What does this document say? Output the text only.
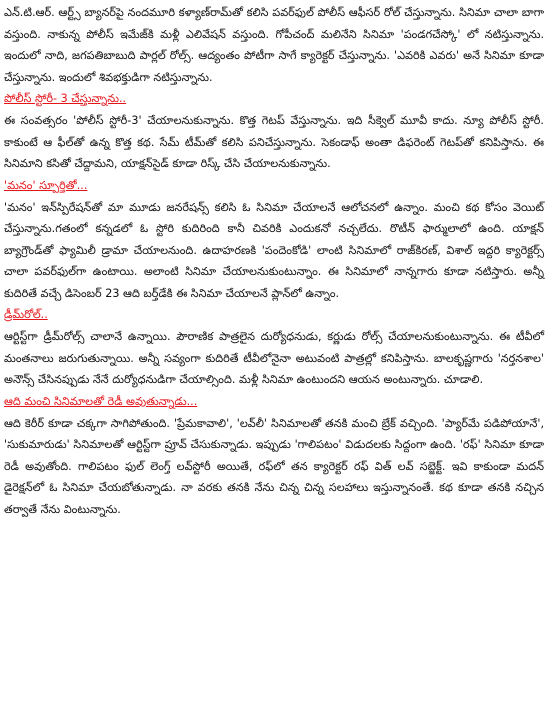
ఎన్.టి.ఆర్. ఆర్ట్స్ బ్యానర్‌పై నందమూరి కళ్యాణ్‌రామ్‌తో కలిసి పవర్‌ఫుల్ పోలీస్ ఆఫీసర్ రోల్ చేస్తున్నాను. సినిమా చాలా బాగా వస్తుంది. నాకున్న పోలీస్ ఇమేజ్‌కి మళ్లీ ఎలివేషన్ వస్తుంది. గోపీచంద్ మలినేని సినిమా 'పండగచేస్కో' లో నటిస్తున్నాను. ఇందులో నాది, జగపతిబాబుది పార్లల్ రోల్స్. ఆద్యంతం పోటీగా సాగే క్యారెక్టర్ చేస్తున్నాను. 'ఎవరికి ఎవరు' అనే సినిమా కూడా చేస్తున్నాను. ఇందులో శివభక్తుడిగా నటిస్తున్నాను.

పోలీస్ స్టోరీ- 3 చేస్తున్నాను..

ఈ సంవత్సరం 'పోలీస్ స్టోరీ-3' చేయాలనుకున్నాను. కొత్త గెటప్ వేస్తున్నాను. ఇది సీక్వెల్ మూవీ కాదు. న్యూ పోలీస్ స్టోరీ. కాకుంటే ఆ ఫీల్‌తో ఉన్న కొత్త కథ. సేమ్ టీమ్‌తో కలిసి పనిచేస్తున్నాను. సెకండాఫ్ అంతా డిఫరెంట్ గెటప్‌తో కనిపిస్తాను. ఈ సినిమాని కసితో చేద్దామని, యాక్షన్‌సైడ్ కూడా రిస్క్ చేసి చేయాలనుకున్నాను.

'మనం' స్పూర్తితో...

'మనం' ఇన్‌స్పిరేషన్‌తో మా మూడు జనరేషన్స్ కలిసి ఓ సినిమా చేయాలనే ఆలోచనలో ఉన్నాం. మంచి కథ కోసం వెయిట్ చేస్తున్నాను.గతంలో కన్నడలో ఓ స్టోరి కుదిరింది కానీ చివరికి ఎందుకనో నచ్చలేదు. రొటీన్ ఫార్ములాలో ఉంది. యాక్షన్ బ్యాగ్రౌండ్‌తో ఫ్యామిలీ డ్రామా చేయాలనుంది. ఉదాహరణకి 'పందెంకోడి' లాంటి సినిమాలో రాజ్‌కిరణ్, విశాల్ ఇద్దరి క్యారెక్టర్స్ చాలా పవర్‌ఫుల్‌గా ఉంటాయి. అలాంటి సినిమా చేయాలనుకుంటున్నాం. ఈ సినిమాలో నాన్నగారు కూడా నటిస్తారు. అన్నీ కుదిరితే వచ్చే డిసెంబర్ 23 ఆది బర్త్‌డేకి ఈ సినిమా చేయాలనే ప్లాన్‌లో ఉన్నాం.

డ్రీమ్‌రోల్..

ఆర్టిస్ట్‌గా డ్రీమ్‌రోల్స్ చాలానే ఉన్నాయి. పౌరాణిక పాత్రలైన దుర్యోధనుడు, కర్ణుడు రోల్స్ చేయాలనుకుంటున్నాను. ఈ టీవీలో మంతనాలు జరుగుతున్నాయి. అన్నీ సవ్యంగా కుదిరితే టీవీలోనైనా అటువంటి పాత్రల్లో కనిపిస్తాను. బాలకృష్ణగారు 'నర్తనశాల' అనౌన్స్ చేసినప్పుడు నేనే దుర్యోధనుడిగా చేయాల్సింది. మళ్లీ సినిమా ఉంటుందని ఆయన అంటున్నారు. చూడాలి.

ఆది మంచి సినిమాలతో రెడీ అవుతున్నాడు...

ఆది కెరీర్ కూడా చక్కగా సాగిపోతుంది. 'ప్రేమకావాలి', 'లవ్‌లీ' సినిమాలతో తనకి మంచి బ్రేక్ వచ్చింది. 'ప్యార్‌మే పడిపోయానే', 'సుకుమారుడు' సినిమాలతో ఆర్టిస్ట్‌గా ప్రూవ్ చేసుకున్నాడు. ఇప్పుడు 'గాలిపటం' విడుదలకు సిద్దంగా ఉంది. 'రఫ్' సినిమా కూడా రెడీ అవుతోంది. గాలిపటం ఫుల్ లెంగ్త్ లవ్‌స్టోరీ అయితే, రఫ్‌లో తన క్యారెక్టర్ రఫ్ విత్ లవ్ సబ్జెక్ట్. ఇవి కాకుండా మదన్ డైరెక్షన్‌లో ఓ సినిమా చేయబోతున్నాడు. నా వరకు తనకి నేను చిన్న చిన్న సలహాలు ఇస్తున్నానంతే. కథ కూడా తనకి నచ్చిన తర్వాతే నేను వింటున్నాను.
